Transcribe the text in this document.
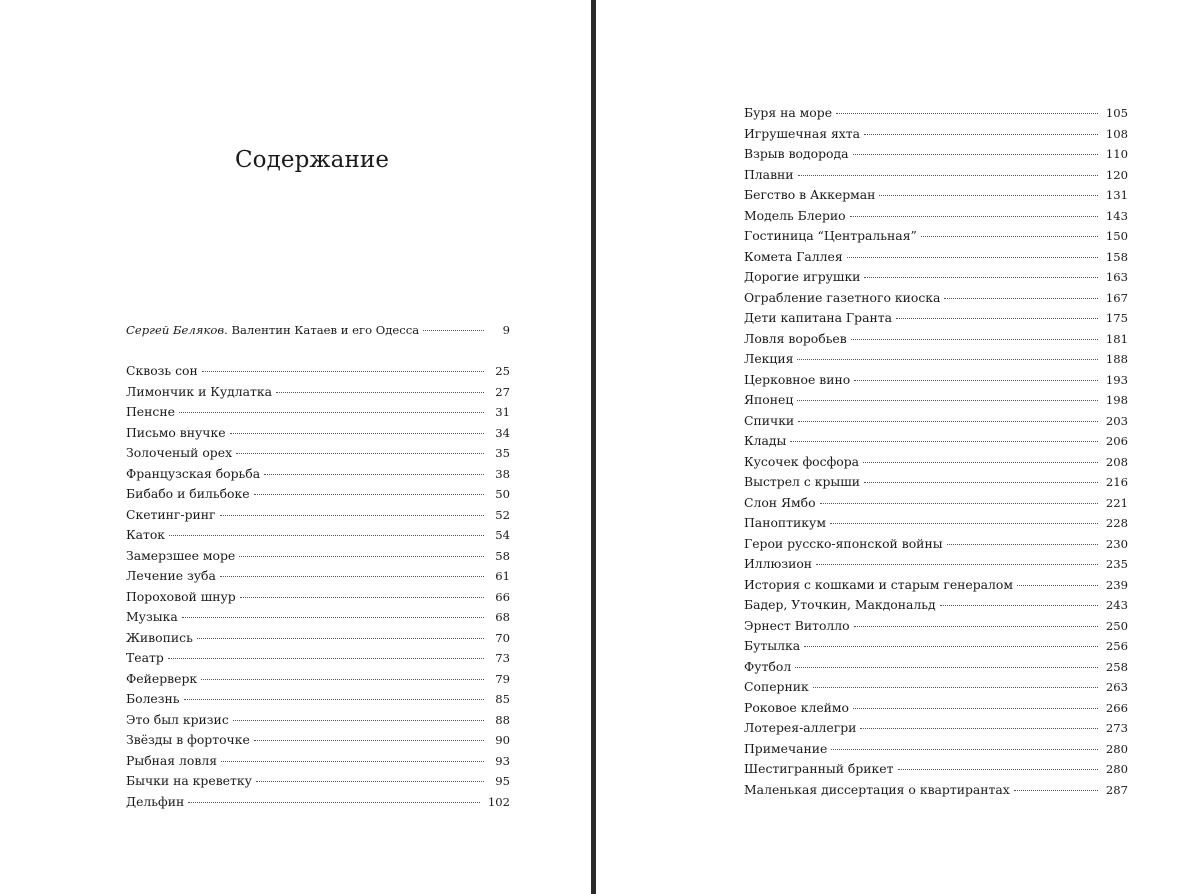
Содержание
Сергей Беляков. Валентин Катаев и его Одесса	9
Сквозь сон	25
Лимончик и Кудлатка	27
Пенсне	31
Письмо внучке	34
Золоченый орех	35
Французская борьба	38
Бибабо и бильбоке	50
Скетинг-ринг	52
Каток	54
Замерзшее море	58
Лечение зуба	61
Пороховой шнур	66
Музыка	68
Живопись	70
Театр	73
Фейерверк	79
Болезнь	85
Это был кризис	88
Звёзды в форточке	90
Рыбная ловля	93
Бычки на креветку	95
Дельфин	102
Буря на море	105
Игрушечная яхта	108
Взрыв водорода	110
Плавни	120
Бегство в Аккерман	131
Модель Блерио	143
Гостиница “Центральная”	150
Комета Галлея	158
Дорогие игрушки	163
Ограбление газетного киоска	167
Дети капитана Гранта	175
Ловля воробьев	181
Лекция	188
Церковное вино	193
Японец	198
Спички	203
Клады	206
Кусочек фосфора	208
Выстрел с крыши	216
Слон Ямбо	221
Паноптикум	228
Герои русско-японской войны	230
Иллюзион	235
История с кошками и старым генералом	239
Бадер, Уточкин, Макдональд	243
Эрнест Витолло	250
Бутылка	256
Футбол	258
Соперник	263
Роковое клеймо	266
Лотерея-аллегри	273
Примечание	280
Шестигранный брикет	280
Маленькая диссертация о квартирантах	287
